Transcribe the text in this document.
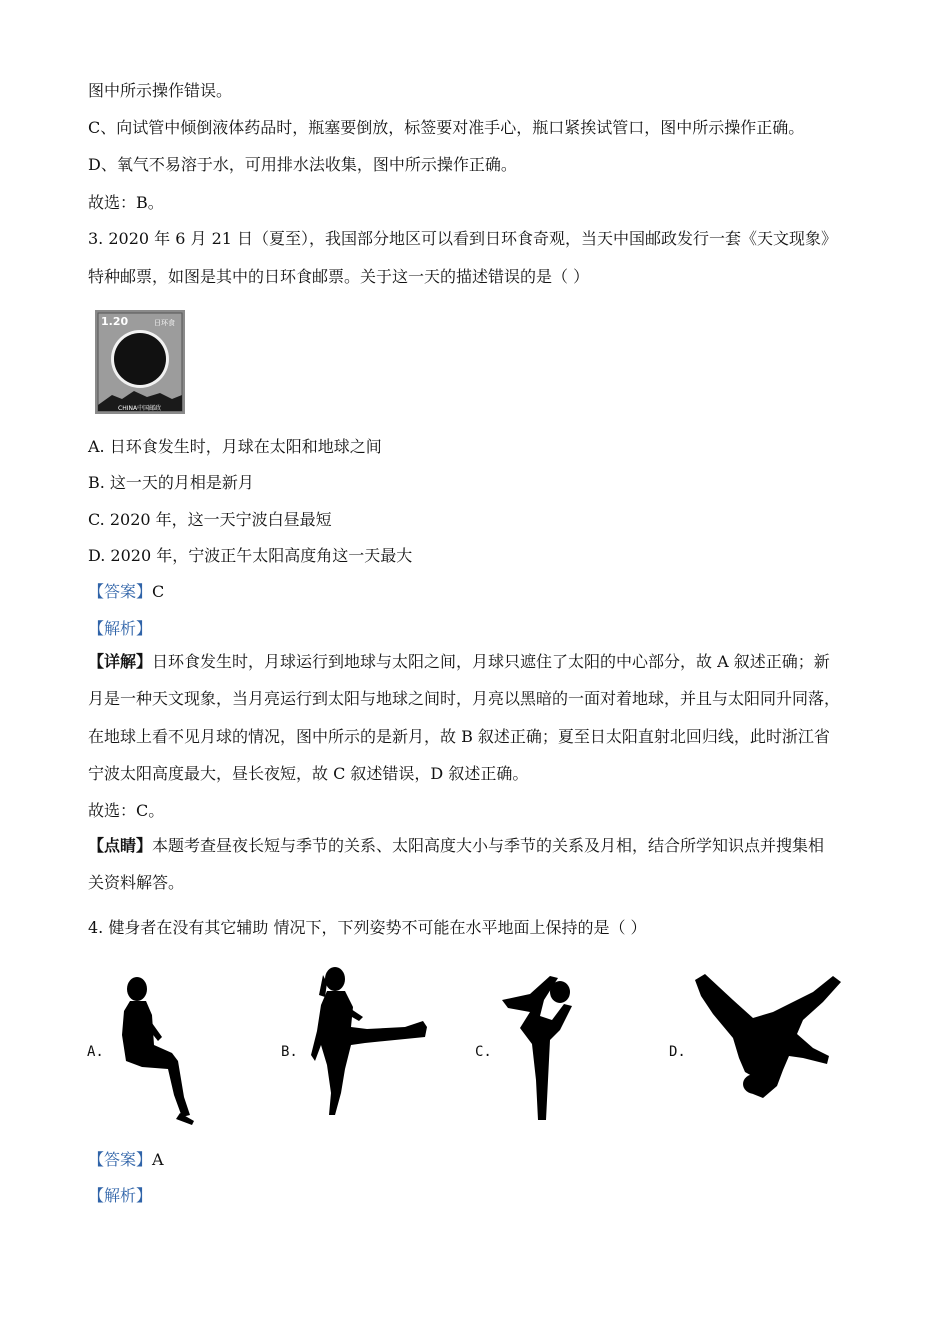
图中所示操作错误。
C、向试管中倾倒液体药品时，瓶塞要倒放，标签要对准手心，瓶口紧挨试管口，图中所示操作正确。
D、氧气不易溶于水，可用排水法收集，图中所示操作正确。
故选：B。
3. 2020 年 6 月 21 日（夏至），我国部分地区可以看到日环食奇观，当天中国邮政发行一套《天文现象》
特种邮票，如图是其中的日环食邮票。关于这一天的描述错误的是（ ）
1.20	日环食
CHINA中国邮政
A. 日环食发生时，月球在太阳和地球之间
B. 这一天的月相是新月
C. 2020 年，这一天宁波白昼最短
D. 2020 年，宁波正午太阳高度角这一天最大
【答案】C
【解析】
【详解】日环食发生时，月球运行到地球与太阳之间，月球只遮住了太阳的中心部分，故 A 叙述正确；新
月是一种天文现象，当月亮运行到太阳与地球之间时，月亮以黑暗的一面对着地球，并且与太阳同升同落，
在地球上看不见月球的情况，图中所示的是新月，故 B 叙述正确；夏至日太阳直射北回归线，此时浙江省
宁波太阳高度最大，昼长夜短，故 C 叙述错误，D 叙述正确。
故选：C。
【点睛】本题考查昼夜长短与季节的关系、太阳高度大小与季节的关系及月相，结合所学知识点并搜集相
关资料解答。
4. 健身者在没有其它辅助 情况下，下列姿势不可能在水平地面上保持的是（ ）
A.	B.	C.	D.
【答案】A
【解析】
